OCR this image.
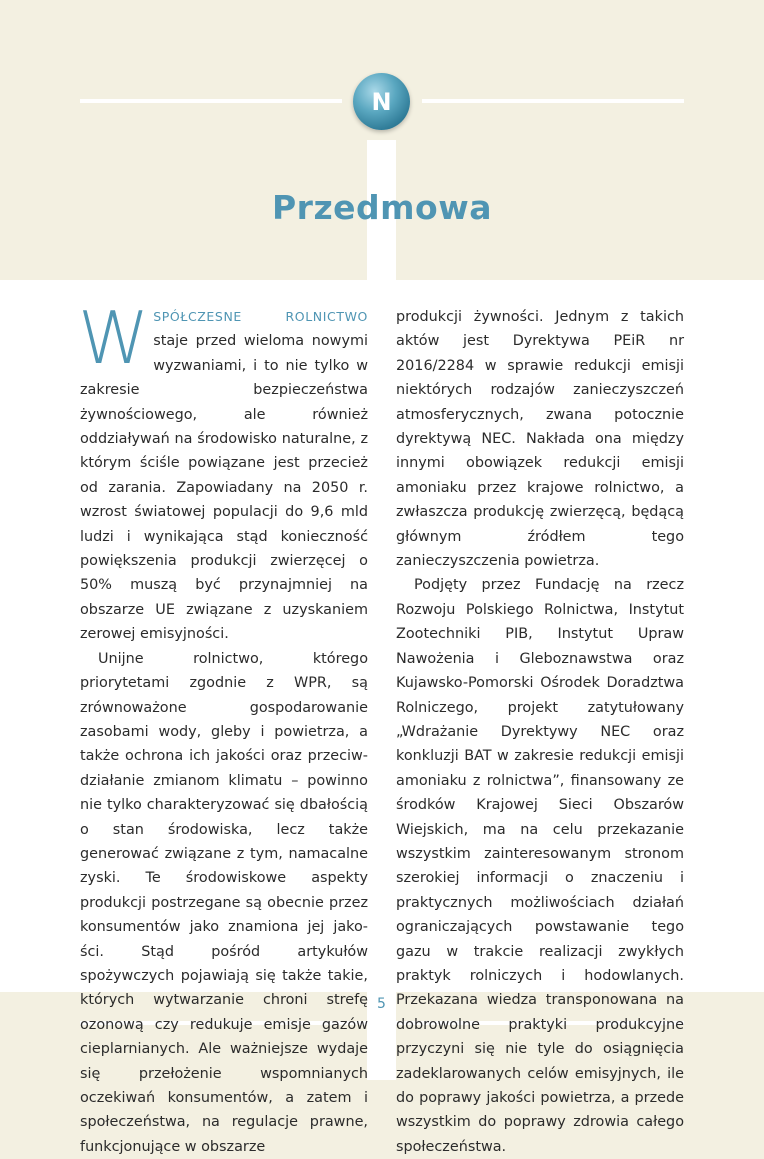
N
Przedmowa

WSPÓŁCZESNE ROLNICTWO staje przed wieloma nowymi wyzwaniami, i to nie tylko w zakresie bezpieczeństwa żywnościowego, ale również oddziaływań na środowisko naturalne, z którym ściśle powiązane jest przecież od zarania. Zapowiadany na 2050 r. wzrost światowej populacji do 9,6 mld ludzi i wynikająca stąd konieczność powiększenia produkcji zwierzęcej o 50% muszą być przynajmniej na obszarze UE związane z uzyskaniem zerowej emisyjności.

Unijne rolnictwo, którego priorytetami zgodnie z WPR, są zrównoważone gospodarowanie zasobami wody, gleby i powietrza, a także ochrona ich jakości oraz przeciwdziałanie zmianom klimatu – powinno nie tylko charakteryzować się dbałością o stan środowiska, lecz także generować związane z tym, namacalne zyski. Te środowiskowe aspekty produkcji postrzegane są obecnie przez konsumentów jako znamiona jej jakości. Stąd pośród artykułów spożywczych pojawiają się także takie, których wytwarzanie chroni strefę ozonową czy redukuje emisje gazów cieplarnianych. Ale ważniejsze wydaje się przełożenie wspomnianych oczekiwań konsumentów, a zatem i społeczeństwa, na regulacje prawne, funkcjonujące w obszarze

produkcji żywności. Jednym z takich aktów jest Dyrektywa PEiR nr 2016/2284 w sprawie redukcji emisji niektórych rodzajów zanieczyszczeń atmosferycznych, zwana potocznie dyrektywą NEC. Nakłada ona między innymi obowiązek redukcji emisji amoniaku przez krajowe rolnictwo, a zwłaszcza produkcję zwierzęcą, będącą głównym źródłem tego zanieczyszczenia powietrza.

Podjęty przez Fundację na rzecz Rozwoju Polskiego Rolnictwa, Instytut Zootechniki PIB, Instytut Upraw Nawożenia i Gleboznawstwa oraz Kujawsko-Pomorski Ośrodek Doradztwa Rolniczego, projekt zatytułowany „Wdrażanie Dyrektywy NEC oraz konkluzji BAT w zakresie redukcji emisji amoniaku z rolnictwa”, finansowany ze środków Krajowej Sieci Obszarów Wiejskich, ma na celu przekazanie wszystkim zainteresowanym stronom szerokiej informacji o znaczeniu i praktycznych możliwościach działań ograniczających powstawanie tego gazu w trakcie realizacji zwykłych praktyk rolniczych i hodowlanych. Przekazana wiedza transponowana na dobrowolne praktyki produkcyjne przyczyni się nie tyle do osiągnięcia zadeklarowanych celów emisyjnych, ile do poprawy jakości powietrza, a przede wszystkim do poprawy zdrowia całego społeczeństwa.

5
